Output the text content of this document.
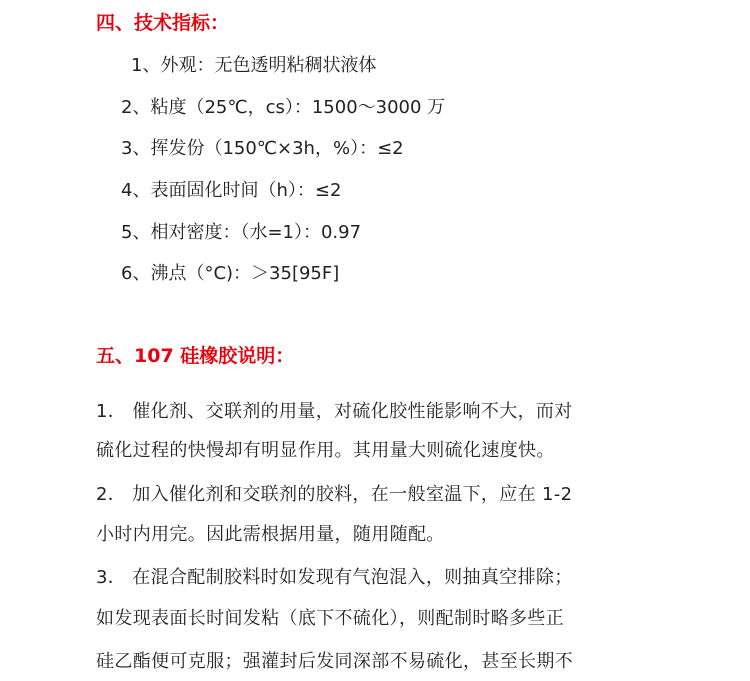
四、技术指标：
1、外观：无色透明粘稠状液体
2、粘度（25℃，cs）：1500～3000 万
3、挥发份（150℃×3h，%）：≤2
4、表面固化时间（h）：≤2
5、相对密度：（水=1）：0.97
6、沸点（°C)：＞35[95F]
五、107 硅橡胶说明：
1． 催化剂、交联剂的用量，对硫化胶性能影响不大，而对
硫化过程的快慢却有明显作用。其用量大则硫化速度快。
2． 加入催化剂和交联剂的胶料，在一般室温下，应在 1-2
小时内用完。因此需根据用量，随用随配。
3． 在混合配制胶料时如发现有气泡混入，则抽真空排除；
如发现表面长时间发粘（底下不硫化），则配制时略多些正
硅乙酯便可克服；强灌封后发同深部不易硫化，甚至长期不
